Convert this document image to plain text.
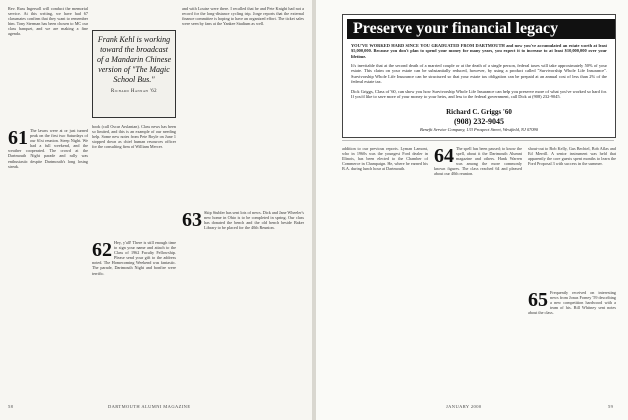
Rev. Russ Ingersoll will conduct the memorial service. At this writing, we have had 67 classmates confirm that they want to remember him. Tony Sterman has been chosen to MC our class banquet, and we are making a fine agenda.

61 The lawns were at or just turned peak on the first two Saturdays of our 61st reunion. Steep Night. We had a full weekend, and the weather cooperated. The crowd at the Dartmouth Night parade and rally was enthusiastic despite Dartmouth's long losing streak.

Frank Kehl is working toward the broadcast of a Mandarin Chinese version of "The Magic School Bus."
Richard Hannah '62

book (call Oscar Arslanian). Class news has been so limited, and this is an example of our needing help. Some new notes from Pete Boyle on June 1 stopped down as chief human resources officer for the consulting firm of William Mercer.

62 Hey, y'all! There is still enough time to sign your name and attach to the Class of 1962 Faculty Fellowship. Please send your gift to the address noted. The Homecoming Weekend was fantastic. The parade, Dartmouth Night and bonfire were terrific.

and with Louise were there. I recalled that he and Pete Knight had not a record for the long-distance cycling trip. Jorge reports that the external finance committee is hoping to have an organized effort. The ticket sales were seen by fans at the Yankee Stadium as well.

63 Skip Stubler has sent lots of news. Dick and Jane Wheeler's new home in Ohio is to be completed in spring. Our class has donated the bench and the old bench beside Baker Library to be placed for the 40th Reunion.

58	DARTMOUTH ALUMNI MAGAZINE
Preserve your financial legacy
YOU'VE WORKED HARD SINCE YOU GRADUATED FROM DARTMOUTH and now you've accumulated an estate worth at least $5,000,000. Because you don't plan to spend your money for many years, you expect it to increase to at least $10,000,000 over your lifetime.
It's inevitable that at the second death of a married couple or at the death of a single person, federal taxes will take approximately 50% of your estate. This claim on your estate can be substantially reduced, however, by using a product called "Survivorship Whole Life Insurance". Survivorship Whole Life Insurance can be structured so that your estate tax obligation can be prepaid at an annual cost of less than 2% of the federal estate tax.
Dick Griggs, Class of '60, can show you how Survivorship Whole Life Insurance can help you preserve more of what you've worked so hard for. If you'd like to save more of your money to your heirs, and less to the federal government, call Dick at (908) 232-9045.
Richard C. Griggs '60
(908) 232-9045
Benefit Service Company, 133 Prospect Street, Westfield, NJ 07090

addition to our previous reports. Lyman Lamont, who in 1960s was the youngest Ford dealer in Illinois, has been elected to the Chamber of Commerce in Champaign. He, where he earned his B.A. during lunch hour at Dartmouth.

64 The spell has been passed; to know the spell, about it the Dartmouth Alumni magazine and others. Hank Warren was among the more commonly known figures. The class reached 64 and pleased about our 40th reunion.

shout-out to Bob Kelly, Gus Bechtel, Bob Aflas and Ed Merrill. A senior instrument was held that apparently the core guests spent months to learn the Ford Proposal 3 with success in the summer.

65 Frequently received on interesting news from Jonas Forney '59 describing a new competition hardwood with a team of his. Bill Whitney sent notes about the class.

JANUARY 2000	59
